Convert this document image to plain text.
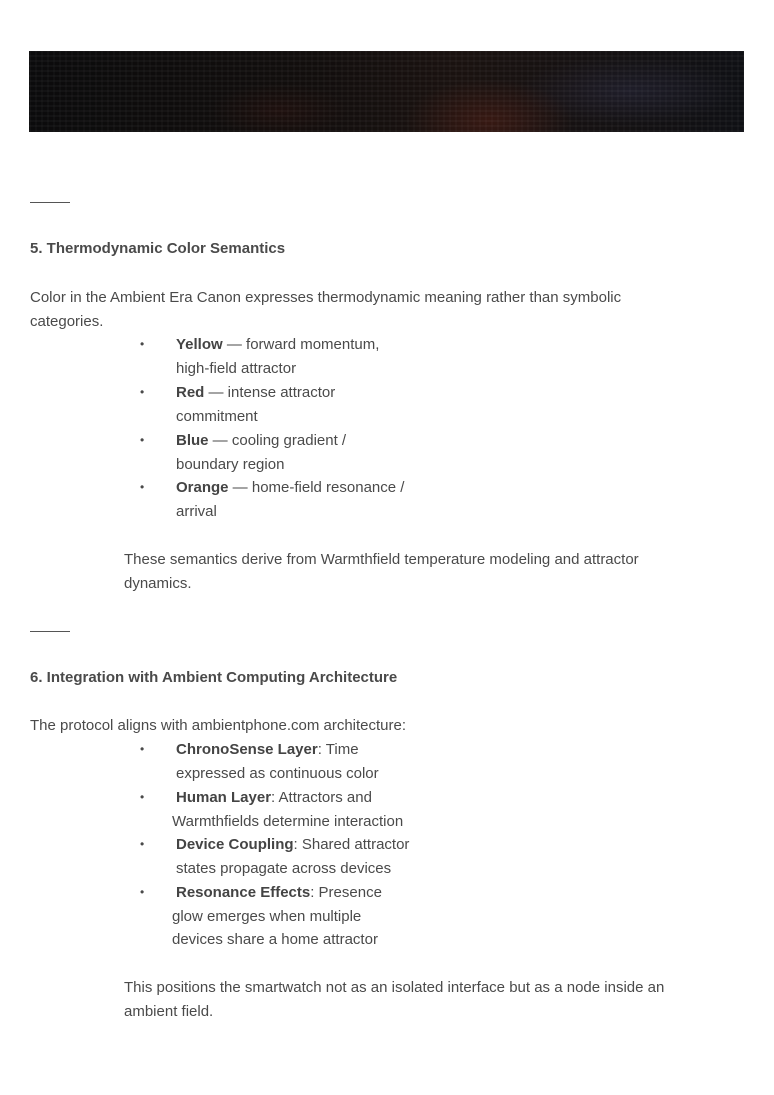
5. Thermodynamic Color Semantics
Color in the Ambient Era Canon expresses thermodynamic meaning rather than symbolic
categories.
• Yellow — forward momentum,
high-field attractor
• Red — intense attractor
commitment
• Blue — cooling gradient /
boundary region
• Orange — home-field resonance /
arrival
These semantics derive from Warmthfield temperature modeling and attractor
dynamics.
6. Integration with Ambient Computing Architecture
The protocol aligns with ambientphone.com architecture:
• ChronoSense Layer: Time
expressed as continuous color
• Human Layer: Attractors and
Warmthfields determine interaction
• Device Coupling: Shared attractor
states propagate across devices
• Resonance Effects: Presence
glow emerges when multiple
devices share a home attractor
This positions the smartwatch not as an isolated interface but as a node inside an
ambient field.
